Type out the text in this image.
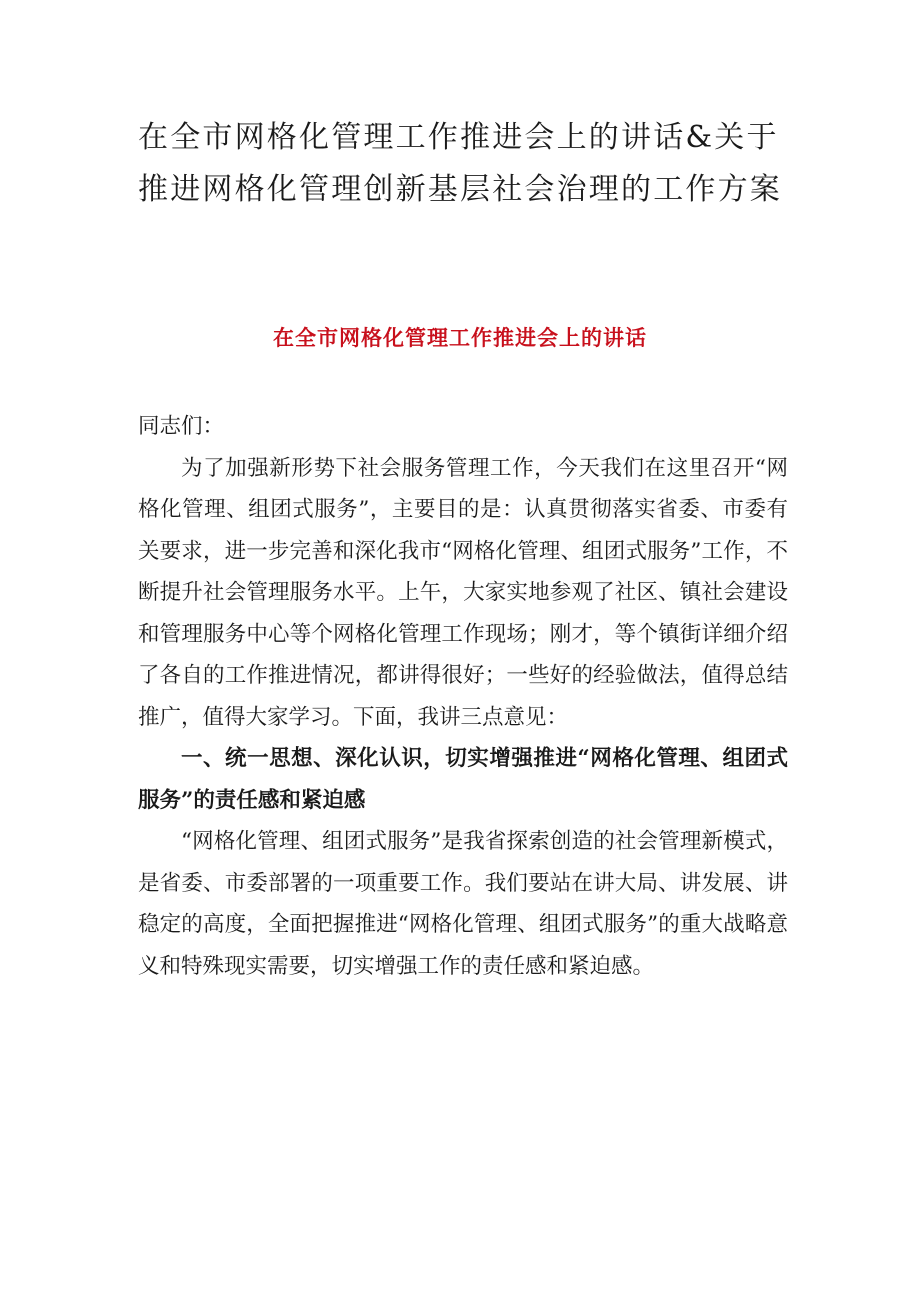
在全市网格化管理工作推进会上的讲话&关于推进网格化管理创新基层社会治理的工作方案
在全市网格化管理工作推进会上的讲话

同志们：

为了加强新形势下社会服务管理工作，今天我们在这里召开“网格化管理、组团式服务”，主要目的是：认真贯彻落实省委、市委有关要求，进一步完善和深化我市“网格化管理、组团式服务”工作，不断提升社会管理服务水平。上午，大家实地参观了社区、镇社会建设和管理服务中心等个网格化管理工作现场；刚才，等个镇街详细介绍了各自的工作推进情况，都讲得很好；一些好的经验做法，值得总结推广，值得大家学习。下面，我讲三点意见：

一、统一思想、深化认识，切实增强推进“网格化管理、组团式服务”的责任感和紧迫感

“网格化管理、组团式服务”是我省探索创造的社会管理新模式，是省委、市委部署的一项重要工作。我们要站在讲大局、讲发展、讲稳定的高度，全面把握推进“网格化管理、组团式服务”的重大战略意义和特殊现实需要，切实增强工作的责任感和紧迫感。
